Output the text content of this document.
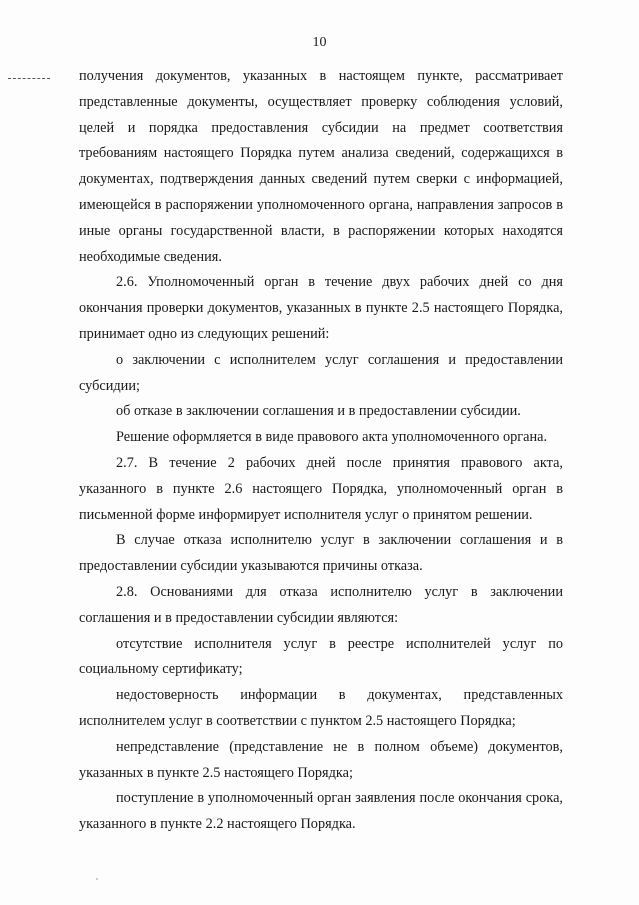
10

получения документов, указанных в настоящем пункте, рассматривает представленные документы, осуществляет проверку соблюдения условий, целей и порядка предоставления субсидии на предмет соответствия требованиям настоящего Порядка путем анализа сведений, содержащихся в документах, подтверждения данных сведений путем сверки с информацией, имеющейся в распоряжении уполномоченного органа, направления запросов в иные органы государственной власти, в распоряжении которых находятся необходимые сведения.

2.6. Уполномоченный орган в течение двух рабочих дней со дня окончания проверки документов, указанных в пункте 2.5 настоящего Порядка, принимает одно из следующих решений:

о заключении с исполнителем услуг соглашения и предоставлении субсидии;

об отказе в заключении соглашения и в предоставлении субсидии.

Решение оформляется в виде правового акта уполномоченного органа.

2.7. В течение 2 рабочих дней после принятия правового акта, указанного в пункте 2.6 настоящего Порядка, уполномоченный орган в письменной форме информирует исполнителя услуг о принятом решении.

В случае отказа исполнителю услуг в заключении соглашения и в предоставлении субсидии указываются причины отказа.

2.8. Основаниями для отказа исполнителю услуг в заключении соглашения и в предоставлении субсидии являются:

отсутствие исполнителя услуг в реестре исполнителей услуг по социальному сертификату;

недостоверность информации в документах, представленных исполнителем услуг в соответствии с пунктом 2.5 настоящего Порядка;

непредставление (представление не в полном объеме) документов, указанных в пункте 2.5 настоящего Порядка;

поступление в уполномоченный орган заявления после окончания срока, указанного в пункте 2.2 настоящего Порядка.
